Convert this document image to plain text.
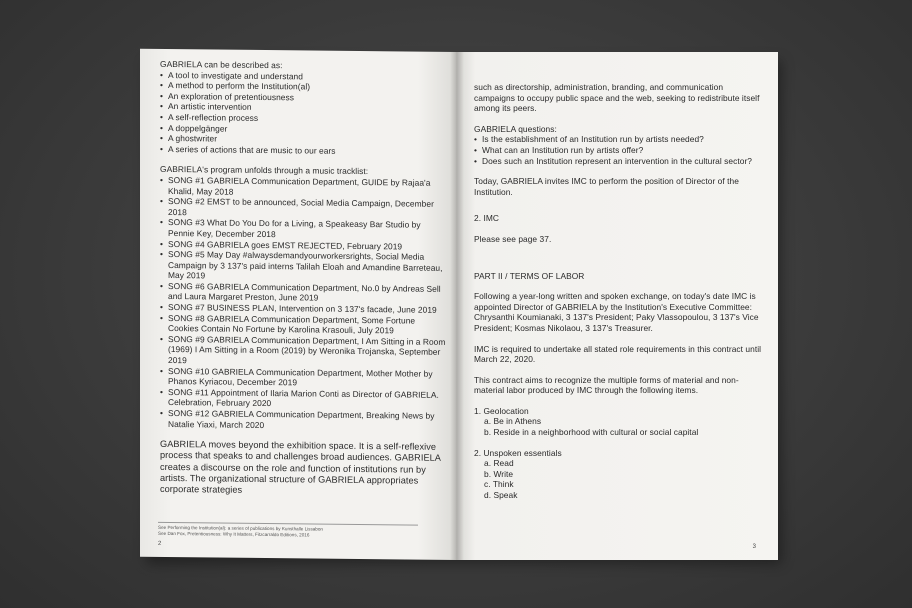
GABRIELA can be described as:

• A tool to investigate and understand
• A method to perform the Institution(al)
• An exploration of pretentiousness
• An artistic intervention
• A self-reflection process
• A doppelgänger
• A ghostwriter
• A series of actions that are music to our ears

GABRIELA's program unfolds through a music tracklist:

• SONG #1 GABRIELA Communication Department, GUIDE by Rajaa'a Khalid, May 2018
• SONG #2 EMST to be announced, Social Media Campaign, December 2018
• SONG #3 What Do You Do for a Living, a Speakeasy Bar Studio by Pennie Key, December 2018
• SONG #4 GABRIELA goes EMST REJECTED, February 2019
• SONG #5 May Day #alwaysdemandyourworkersrights, Social Media Campaign by 3 137's paid interns Talilah Eloah and Amandine Barreteau, May 2019
• SONG #6 GABRIELA Communication Department, No.0 by Andreas Sell and Laura Margaret Preston, June 2019
• SONG #7 BUSINESS PLAN, Intervention on 3 137's facade, June 2019
• SONG #8 GABRIELA Communication Department, Some Fortune Cookies Contain No Fortune by Karolina Krasouli, July 2019
• SONG #9 GABRIELA Communication Department, I Am Sitting in a Room (1969) I Am Sitting in a Room (2019) by Weronika Trojanska, September 2019
• SONG #10 GABRIELA Communication Department, Mother Mother by Phanos Kyriacou, December 2019
• SONG #11 Appointment of Ilaria Marion Conti as Director of GABRIELA. Celebration, February 2020
• SONG #12 GABRIELA Communication Department, Breaking News by Natalie Yiaxi, March 2020

GABRIELA moves beyond the exhibition space. It is a self-reflexive process that speaks to and challenges broad audiences. GABRIELA creates a discourse on the role and function of institutions run by artists. The organizational structure of GABRIELA appropriates corporate strategies

See Performing the Institution(al): a series of publications by Kunsthalle Lissabon
See Dan Fox, Pretentiousness: Why It Matters, Fitzcarraldo Editions, 2016
2

such as directorship, administration, branding, and communication campaigns to occupy public space and the web, seeking to redistribute itself among its peers.

GABRIELA questions:

• Is the establishment of an Institution run by artists needed?
• What can an Institution run by artists offer?
• Does such an Institution represent an intervention in the cultural sector?

Today, GABRIELA invites IMC to perform the position of Director of the Institution.

2. IMC

Please see page 37.

PART II / TERMS OF LABOR

Following a year-long written and spoken exchange, on today's date IMC is appointed Director of GABRIELA by the Institution's Executive Committee: Chrysanthi Koumianaki, 3 137's President; Paky Vlassopoulou, 3 137's Vice President; Kosmas Nikolaou, 3 137's Treasurer.

IMC is required to undertake all stated role requirements in this contract until March 22, 2020.

This contract aims to recognize the multiple forms of material and non-material labor produced by IMC through the following items.

1. Geolocation

a. Be in Athens
b. Reside in a neighborhood with cultural or social capital

2. Unspoken essentials

a. Read
b. Write
c. Think
d. Speak
3
